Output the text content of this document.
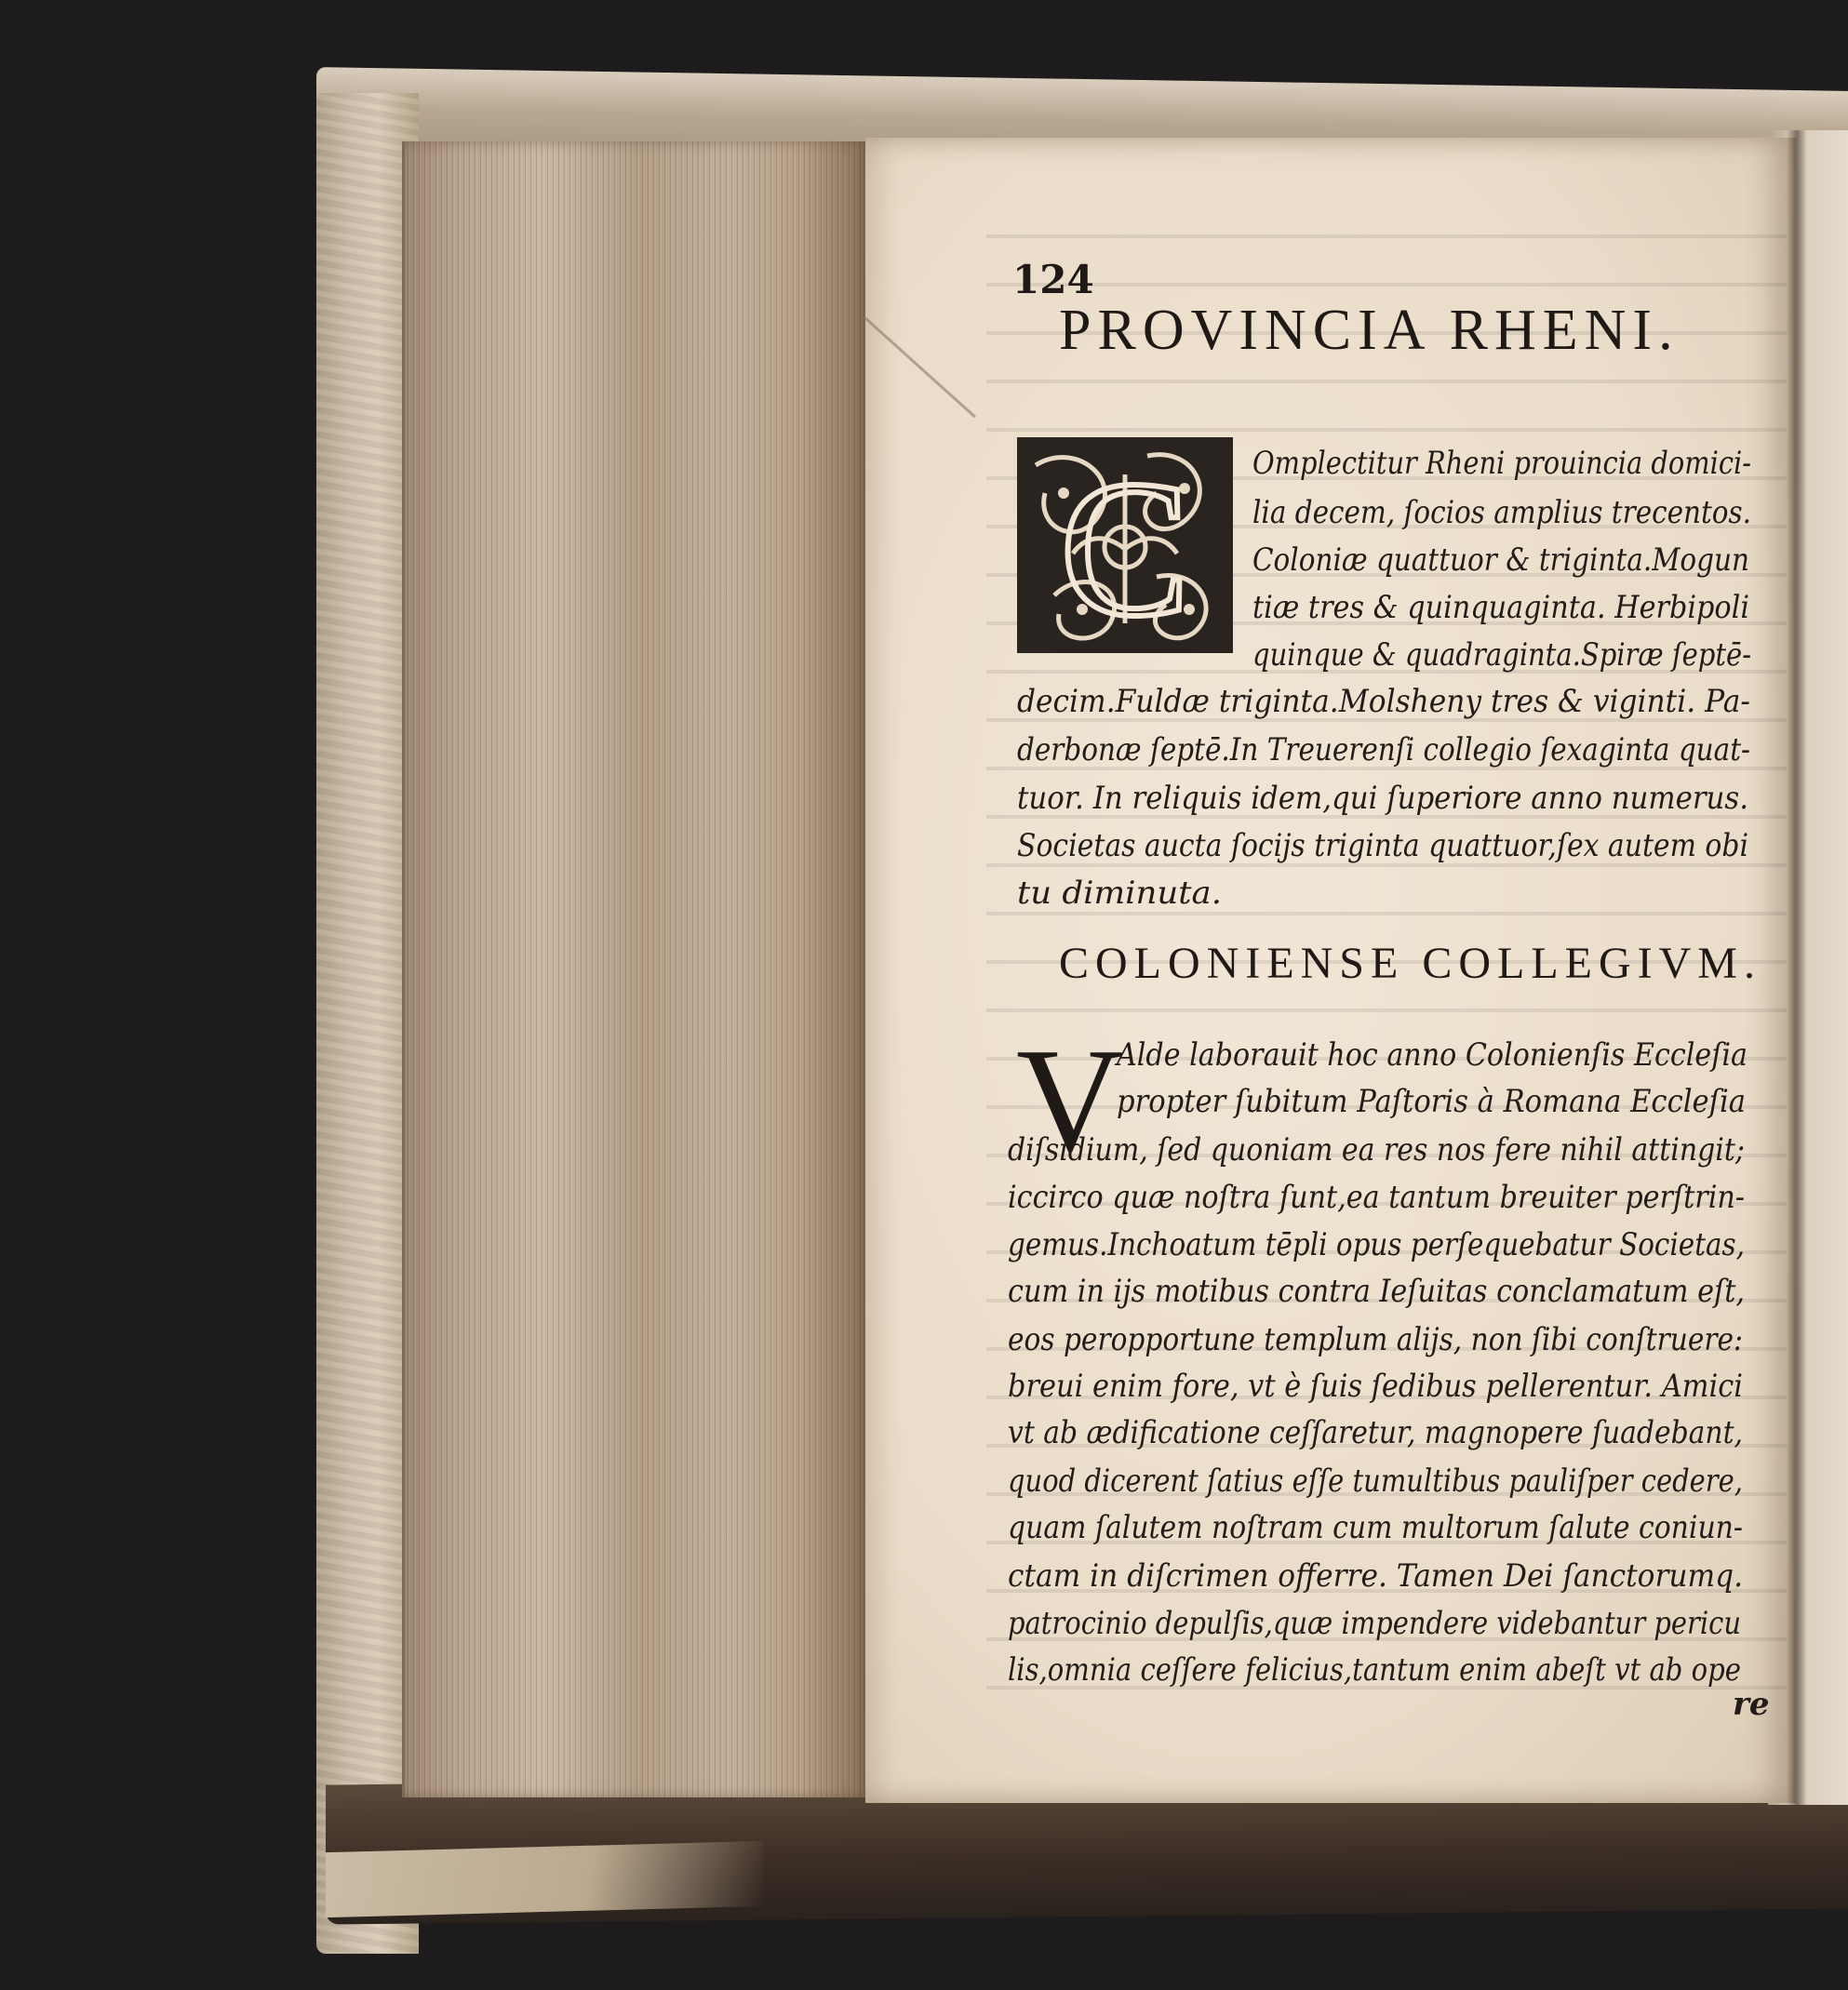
124
PROVINCIA RHENI.
C Omplectitur Rheni prouincia domici-
lia decem, ſocios amplius trecentos.
Coloniæ quattuor & triginta.Mogun
tiæ tres & quinquaginta. Herbipoli
quinque & quadraginta.Spiræ ſeptē-
decim.Fuldæ triginta.Molsheny tres & viginti. Pa-
derbonæ ſeptē.In Treuerenſi collegio ſexaginta quat-
tuor. In reliquis idem,qui ſuperiore anno numerus.
Societas aucta ſocijs triginta quattuor,ſex autem obi
tu diminuta.
COLONIENSE COLLEGIVM.
V
Alde laborauit hoc anno Colonienſis Eccleſia
propter ſubitum Paſtoris à Romana Eccleſia
diſsidium, ſed quoniam ea res nos fere nihil attingit;
iccirco quæ noſtra ſunt,ea tantum breuiter perſtrin-
gemus.Inchoatum tēpli opus perſequebatur Societas,
cum in ijs motibus contra Ieſuitas conclamatum eſt,
eos peropportune templum alijs, non ſibi conſtruere:
breui enim fore, vt è ſuis ſedibus pellerentur. Amici
vt ab ædificatione ceſſaretur, magnopere ſuadebant,
quod dicerent ſatius eſſe tumultibus pauliſper cedere,
quam ſalutem noſtram cum multorum ſalute coniun-
ctam in diſcrimen offerre. Tamen Dei ſanctorumq.
patrocinio depulſis,quæ impendere videbantur pericu
lis,omnia ceſſere felicius,tantum enim abeſt vt ab ope
re
